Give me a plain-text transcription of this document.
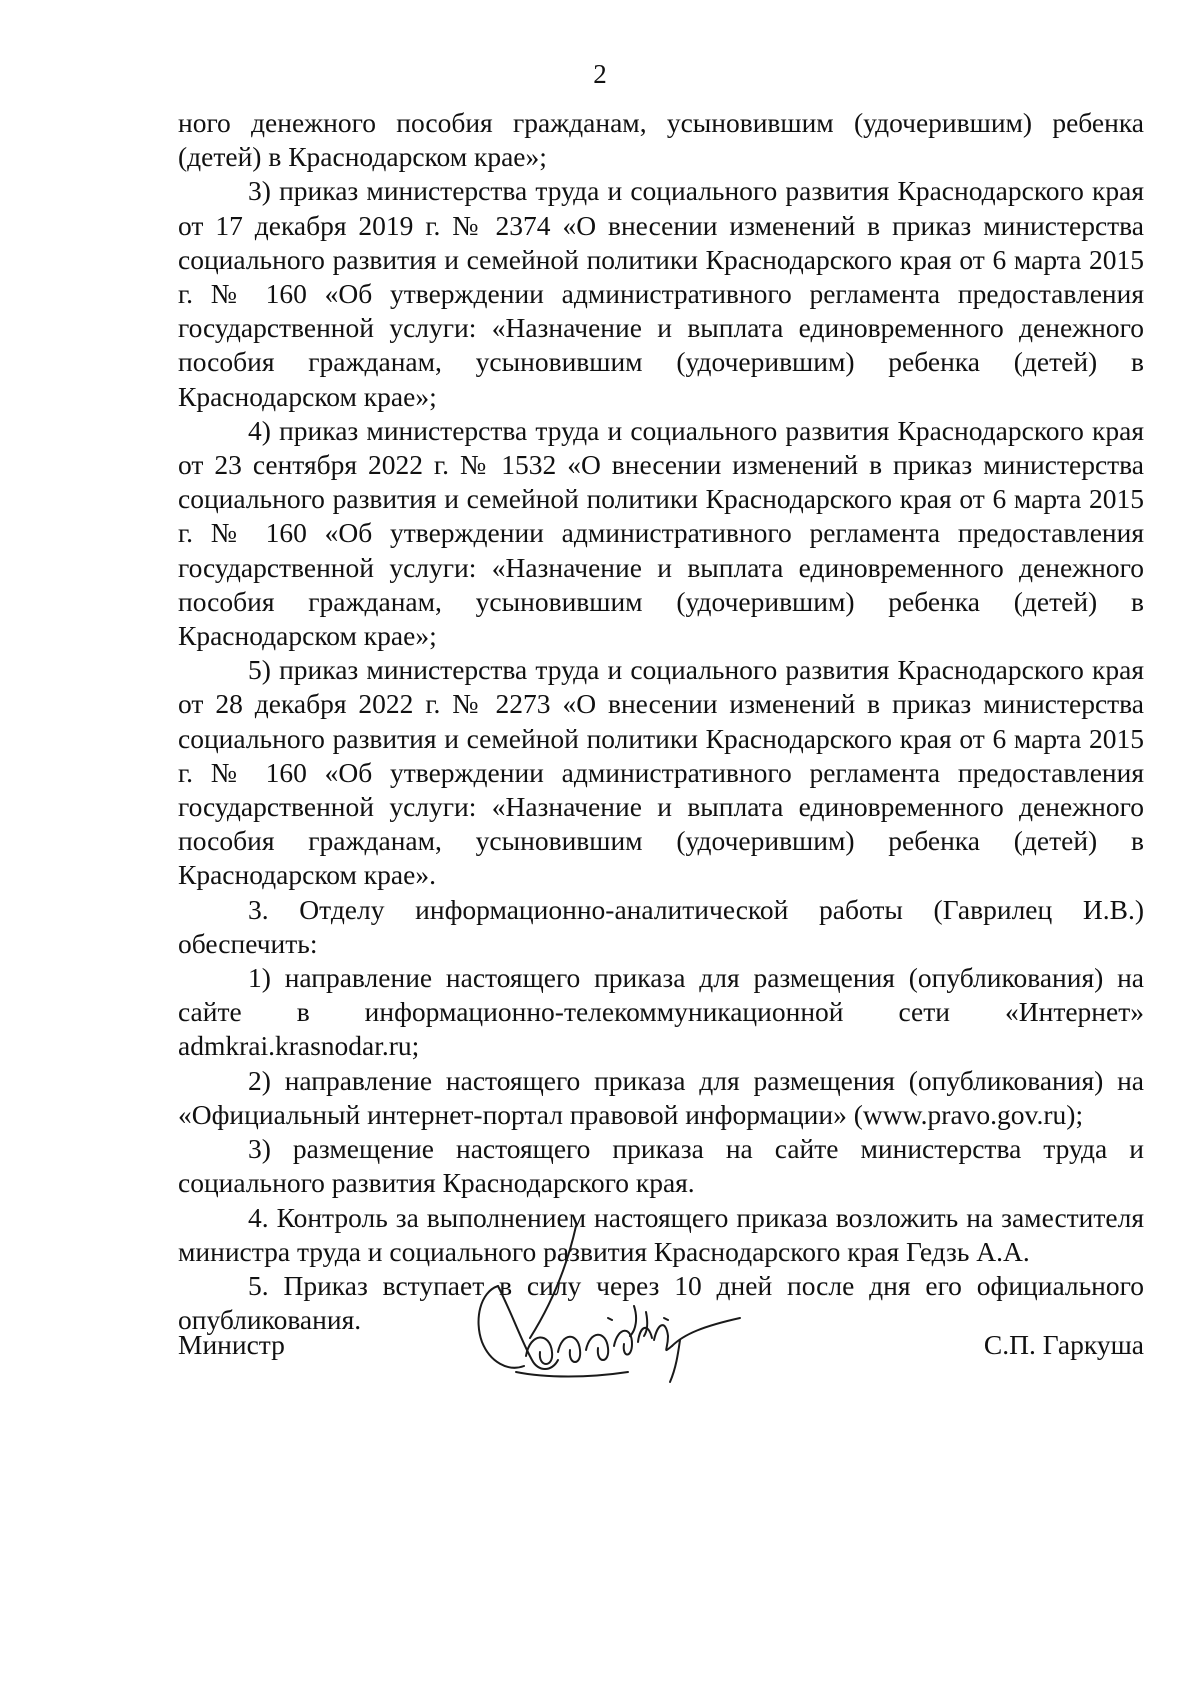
2

ного денежного пособия гражданам, усыновившим (удочерившим) ребенка (детей) в Краснодарском крае»;

3) приказ министерства труда и социального развития Краснодарского края от 17 декабря 2019 г. № 2374 «О внесении изменений в приказ министерства социального развития и семейной политики Краснодарского края от 6 марта 2015 г. № 160 «Об утверждении административного регламента предоставления государственной услуги: «Назначение и выплата единовременного денежного пособия гражданам, усыновившим (удочерившим) ребенка (детей) в Краснодарском крае»;

4) приказ министерства труда и социального развития Краснодарского края от 23 сентября 2022 г. № 1532 «О внесении изменений в приказ министерства социального развития и семейной политики Краснодарского края от 6 марта 2015 г. № 160 «Об утверждении административного регламента предоставления государственной услуги: «Назначение и выплата единовременного денежного пособия гражданам, усыновившим (удочерившим) ребенка (детей) в Краснодарском крае»;

5) приказ министерства труда и социального развития Краснодарского края от 28 декабря 2022 г. № 2273 «О внесении изменений в приказ министерства социального развития и семейной политики Краснодарского края от 6 марта 2015 г. № 160 «Об утверждении административного регламента предоставления государственной услуги: «Назначение и выплата единовременного денежного пособия гражданам, усыновившим (удочерившим) ребенка (детей) в Краснодарском крае».

3. Отделу информационно-аналитической работы (Гаврилец И.В.) обеспечить:

1) направление настоящего приказа для размещения (опубликования) на сайте в информационно-телекоммуникационной сети «Интернет» admkrai.krasnodar.ru;

2) направление настоящего приказа для размещения (опубликования) на «Официальный интернет-портал правовой информации» (www.pravo.gov.ru);

3) размещение настоящего приказа на сайте министерства труда и социального развития Краснодарского края.

4. Контроль за выполнением настоящего приказа возложить на заместителя министра труда и социального развития Краснодарского края Гедзь А.А.

5. Приказ вступает в силу через 10 дней после дня его официального опубликования.

Министр	С.П. Гаркуша
